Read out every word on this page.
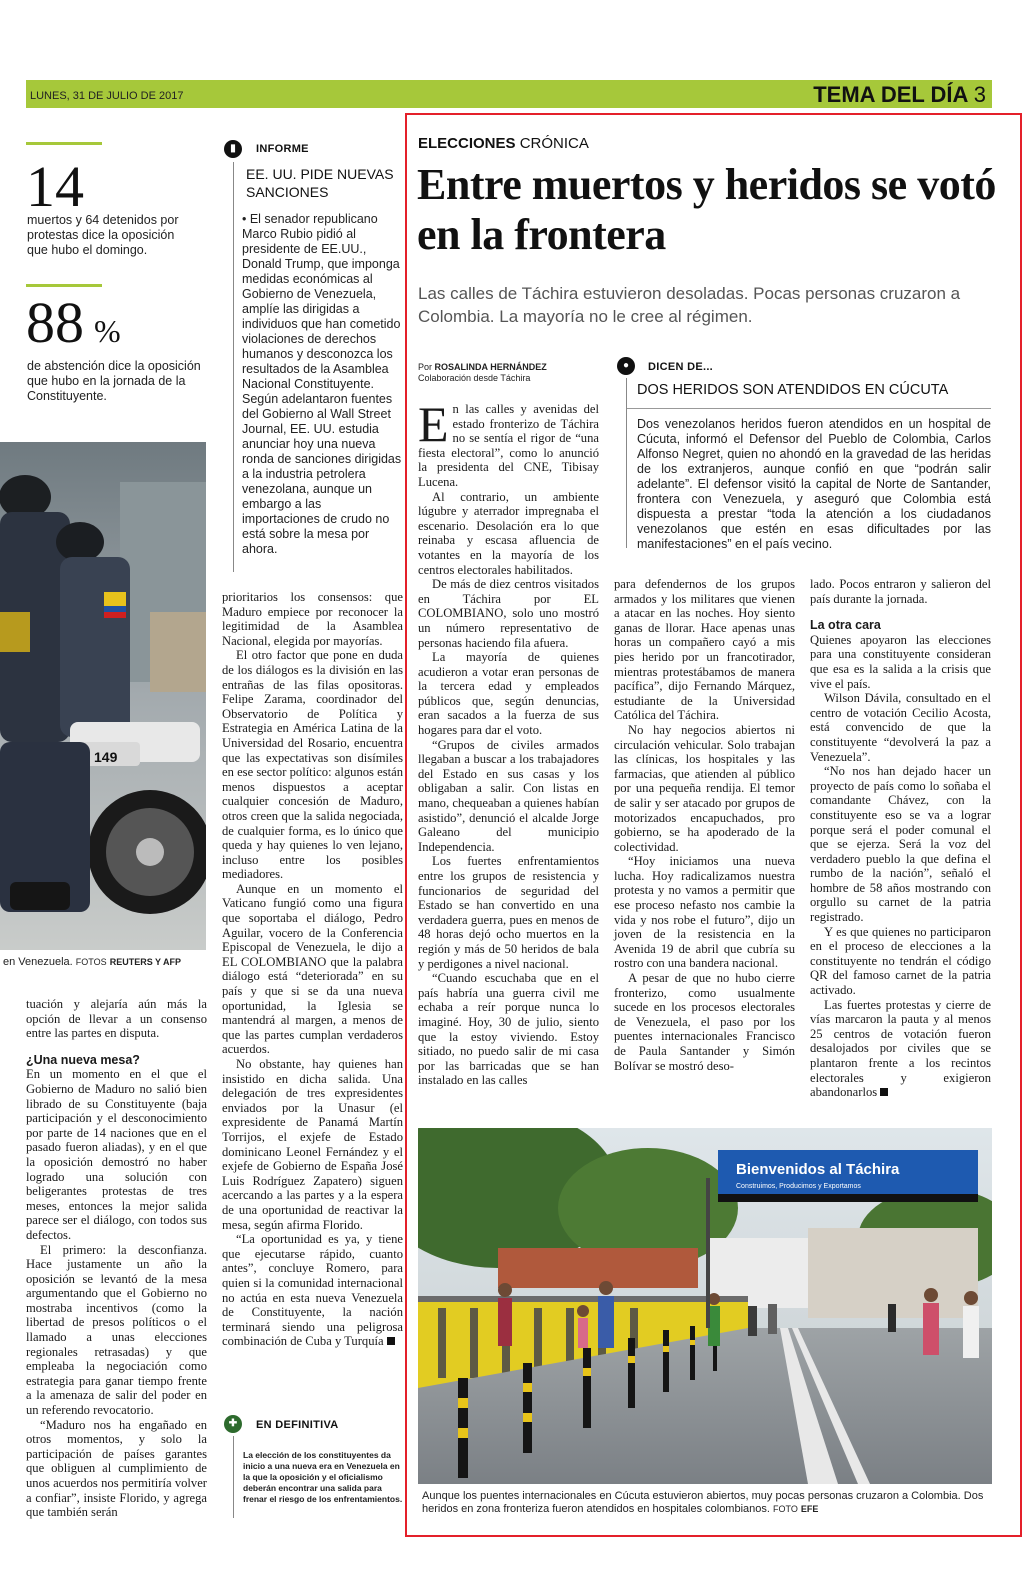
LUNES, 31 DE JULIO DE 2017	TEMA DEL DÍA 3
14
muertos y 64 detenidos por protestas dice la oposición que hubo el domingo.
88 %
de abstención dice la oposición que hubo en la jornada de la Constituyente.
149
en Venezuela. FOTOS REUTERS Y AFP

tuación y alejaría aún más la opción de llevar a un consenso entre las partes en disputa.

¿Una nueva mesa?

En un momento en el que el Gobierno de Maduro no salió bien librado de su Constituyente (baja participación y el desconocimiento por parte de 14 naciones que en el pasado fueron aliadas), y en el que la oposición demostró no haber logrado una solución con beligerantes protestas de tres meses, entonces la mejor salida parece ser el diálogo, con todos sus defectos.

El primero: la desconfianza. Hace justamente un año la oposición se levantó de la mesa argumentando que el Gobierno no mostraba incentivos (como la libertad de presos políticos o el llamado a unas elecciones regionales retrasadas) y que empleaba la negociación como estrategia para ganar tiempo frente a la amenaza de salir del poder en un referendo revocatorio.

“Maduro nos ha engañado en otros momentos, y solo la participación de países garantes que obliguen al cumplimiento de unos acuerdos nos permitiría volver a confiar”, insiste Florido, y agrega que también serán

▮	INFORME
EE. UU. PIDE NUEVAS SANCIONES
• El senador republicano Marco Rubio pidió al presidente de EE.UU., Donald Trump, que imponga medidas económicas al Gobierno de Venezuela, amplíe las dirigidas a individuos que han cometido violaciones de derechos humanos y desconozca los resultados de la Asamblea Nacional Constituyente. Según adelantaron fuentes del Gobierno al Wall Street Journal, EE. UU. estudia anunciar hoy una nueva ronda de sanciones dirigidas a la industria petrolera venezolana, aunque un embargo a las importaciones de crudo no está sobre la mesa por ahora.

prioritarios los consensos: que Maduro empiece por reconocer la legitimidad de la Asamblea Nacional, elegida por mayorías.

El otro factor que pone en duda de los diálogos es la división en las entrañas de las filas opositoras. Felipe Zarama, coordinador del Observatorio de Política y Estrategia en América Latina de la Universidad del Rosario, encuentra que las expectativas son disímiles en ese sector político: algunos están menos dispuestos a aceptar cualquier concesión de Maduro, otros creen que la salida negociada, de cualquier forma, es lo único que queda y hay quienes lo ven lejano, incluso entre los posibles mediadores.

Aunque en un momento el Vaticano fungió como una figura que soportaba el diálogo, Pedro Aguilar, vocero de la Conferencia Episcopal de Venezuela, le dijo a EL COLOMBIANO que la palabra diálogo está “deteriorada” en su país y que si se da una nueva oportunidad, la Iglesia se mantendrá al margen, a menos de que las partes cumplan verdaderos acuerdos.

No obstante, hay quienes han insistido en dicha salida. Una delegación de tres expresidentes enviados por la Unasur (el expresidente de Panamá Martín Torrijos, el exjefe de Estado dominicano Leonel Fernández y el exjefe de Gobierno de España José Luis Rodríguez Zapatero) siguen acercando a las partes y a la espera de una oportunidad de reactivar la mesa, según afirma Florido.

“La oportunidad es ya, y tiene que ejecutarse rápido, cuanto antes”, concluye Romero, para quien si la comunidad internacional no actúa en esta nueva Venezuela de Constituyente, la nación terminará siendo una peligrosa combinación de Cuba y Turquía

✚	EN DEFINITIVA
La elección de los constituyentes da inicio a una nueva era en Venezuela en la que la oposición y el oficialismo deberán encontrar una salida para frenar el riesgo de los enfrentamientos.
ELECCIONES CRÓNICA
Entre muertos y heridos se votó en la frontera
Las calles de Táchira estuvieron desoladas. Pocas personas cruzaron a Colombia. La mayoría no le cree al régimen.
Por ROSALINDA HERNÁNDEZ
Colaboración desde Táchira
●	DICEN DE...
DOS HERIDOS SON ATENDIDOS EN CÚCUTA
Dos venezolanos heridos fueron atendidos en un hospital de Cúcuta, informó el Defensor del Pueblo de Colombia, Carlos Alfonso Negret, quien no ahondó en la gravedad de las heridas de los extranjeros, aunque confió en que “podrán salir adelante”. El defensor visitó la capital de Norte de Santander, frontera con Venezuela, y aseguró que Colombia está dispuesta a prestar “toda la atención a los ciudadanos venezolanos que estén en esas dificultades por las manifestaciones” en el país vecino.

En las calles y avenidas del estado fronterizo de Táchira no se sentía el rigor de “una fiesta electoral”, como lo anunció la presidenta del CNE, Tibisay Lucena.

Al contrario, un ambiente lúgubre y aterrador impregnaba el escenario. Desolación era lo que reinaba y escasa afluencia de votantes en la mayoría de los centros electorales habilitados.

De más de diez centros visitados en Táchira por EL COLOMBIANO, solo uno mostró un número representativo de personas haciendo fila afuera.

La mayoría de quienes acudieron a votar eran personas de la tercera edad y empleados públicos que, según denuncias, eran sacados a la fuerza de sus hogares para dar el voto.

“Grupos de civiles armados llegaban a buscar a los trabajadores del Estado en sus casas y los obligaban a salir. Con listas en mano, chequeaban a quienes habían asistido”, denunció el alcalde Jorge Galeano del municipio Independencia.

Los fuertes enfrentamientos entre los grupos de resistencia y funcionarios de seguridad del Estado se han convertido en una verdadera guerra, pues en menos de 48 horas dejó ocho muertos en la región y más de 50 heridos de bala y perdigones a nivel nacional.

“Cuando escuchaba que en el país habría una guerra civil me echaba a reír porque nunca lo imaginé. Hoy, 30 de julio, siento que la estoy viviendo. Estoy sitiado, no puedo salir de mi casa por las barricadas que se han instalado en las calles

para defendernos de los grupos armados y los militares que vienen a atacar en las noches. Hoy siento ganas de llorar. Hace apenas unas horas un compañero cayó a mis pies herido por un francotirador, mientras protestábamos de manera pacífica”, dijo Fernando Márquez, estudiante de la Universidad Católica del Táchira.

No hay negocios abiertos ni circulación vehicular. Solo trabajan las clínicas, los hospitales y las farmacias, que atienden al público por una pequeña rendija. El temor de salir y ser atacado por grupos de motorizados encapuchados, pro gobierno, se ha apoderado de la colectividad.

“Hoy iniciamos una nueva lucha. Hoy radicalizamos nuestra protesta y no vamos a permitir que ese proceso nefasto nos cambie la vida y nos robe el futuro”, dijo un joven de la resistencia en la Avenida 19 de abril que cubría su rostro con una bandera nacional.

A pesar de que no hubo cierre fronterizo, como usualmente sucede en los procesos electorales de Venezuela, el paso por los puentes internacionales Francisco de Paula Santander y Simón Bolívar se mostró deso-

lado. Pocos entraron y salieron del país durante la jornada.

La otra cara

Quienes apoyaron las elecciones para una constituyente consideran que esa es la salida a la crisis que vive el país.

Wilson Dávila, consultado en el centro de votación Cecilio Acosta, está convencido de que la constituyente “devolverá la paz a Venezuela”.

“No nos han dejado hacer un proyecto de país como lo soñaba el comandante Chávez, con la constituyente eso se va a lograr porque será el poder comunal el que se ejerza. Será la voz del verdadero pueblo la que defina el rumbo de la nación”, señaló el hombre de 58 años mostrando con orgullo su carnet de la patria registrado.

Y es que quienes no participaron en el proceso de elecciones a la constituyente no tendrán el código QR del famoso carnet de la patria activado.

Las fuertes protestas y cierre de vías marcaron la pauta y al menos 25 centros de votación fueron desalojados por civiles que se plantaron frente a los recintos electorales y exigieron abandonarlos

Bienvenidos al Táchira
Construimos, Producimos y Exportamos
Aunque los puentes internacionales en Cúcuta estuvieron abiertos, muy pocas personas cruzaron a Colombia. Dos heridos en zona fronteriza fueron atendidos en hospitales colombianos. FOTO EFE
